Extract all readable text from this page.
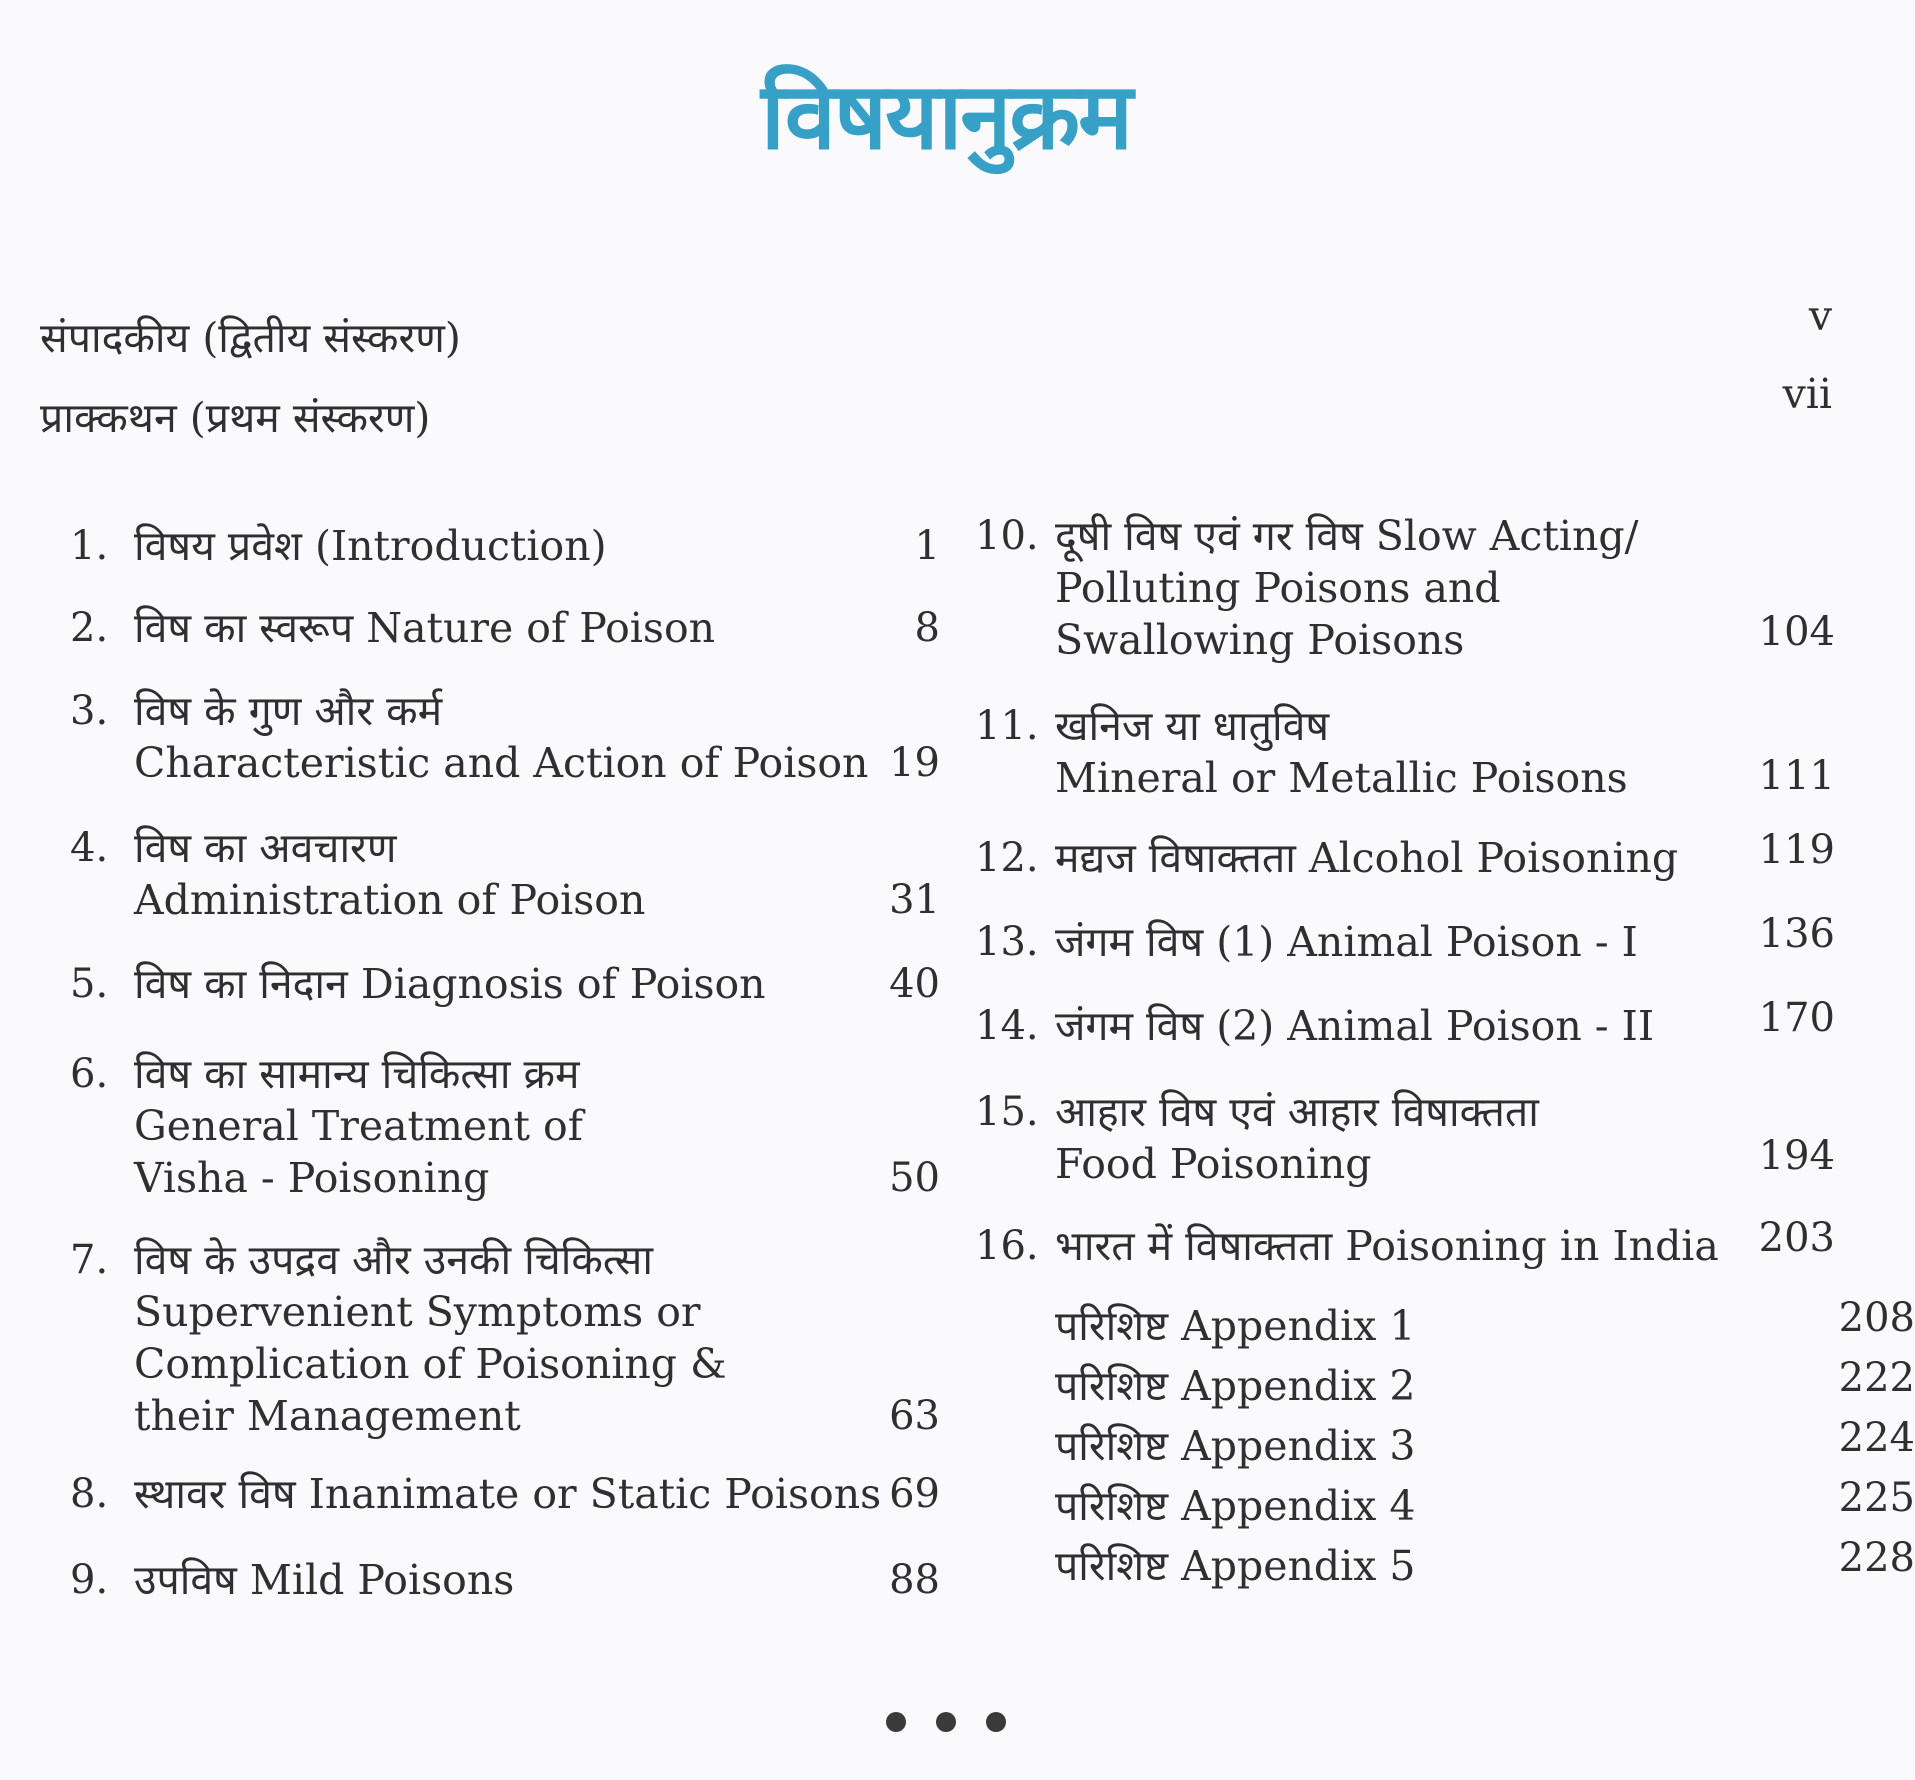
विषयानुक्रम
संपादकीय (द्वितीय संस्करण)	v
प्राक्कथन (प्रथम संस्करण)	vii
1. विषय प्रवेश (Introduction)	1
2. विष का स्वरूप Nature of Poison	8
3. विष के गुण और कर्म
Characteristic and Action of Poison 19
4. विष का अवचारण
Administration of Poison	31
5. विष का निदान Diagnosis of Poison	40
6. विष का सामान्य चिकित्सा क्रम
General Treatment of
Visha - Poisoning	50
7. विष के उपद्रव और उनकी चिकित्सा
Supervenient Symptoms or
Complication of Poisoning &
their Management	63
8. स्थावर विष Inanimate or Static Poisons 69
9. उपविष Mild Poisons	88
10. दूषी विष एवं गर विष Slow Acting/
Polluting Poisons and
Swallowing Poisons	104
11. खनिज या धातुविष
Mineral or Metallic Poisons	111
12. मद्यज विषाक्तता Alcohol Poisoning 119
13. जंगम विष (1) Animal Poison - I	136
14. जंगम विष (2) Animal Poison - II	170
15. आहार विष एवं आहार विषाक्तता
Food Poisoning	194
16. भारत में विषाक्तता Poisoning in India 203
परिशिष्ट Appendix 1	208
परिशिष्ट Appendix 2	222
परिशिष्ट Appendix 3	224
परिशिष्ट Appendix 4	225
परिशिष्ट Appendix 5	228
